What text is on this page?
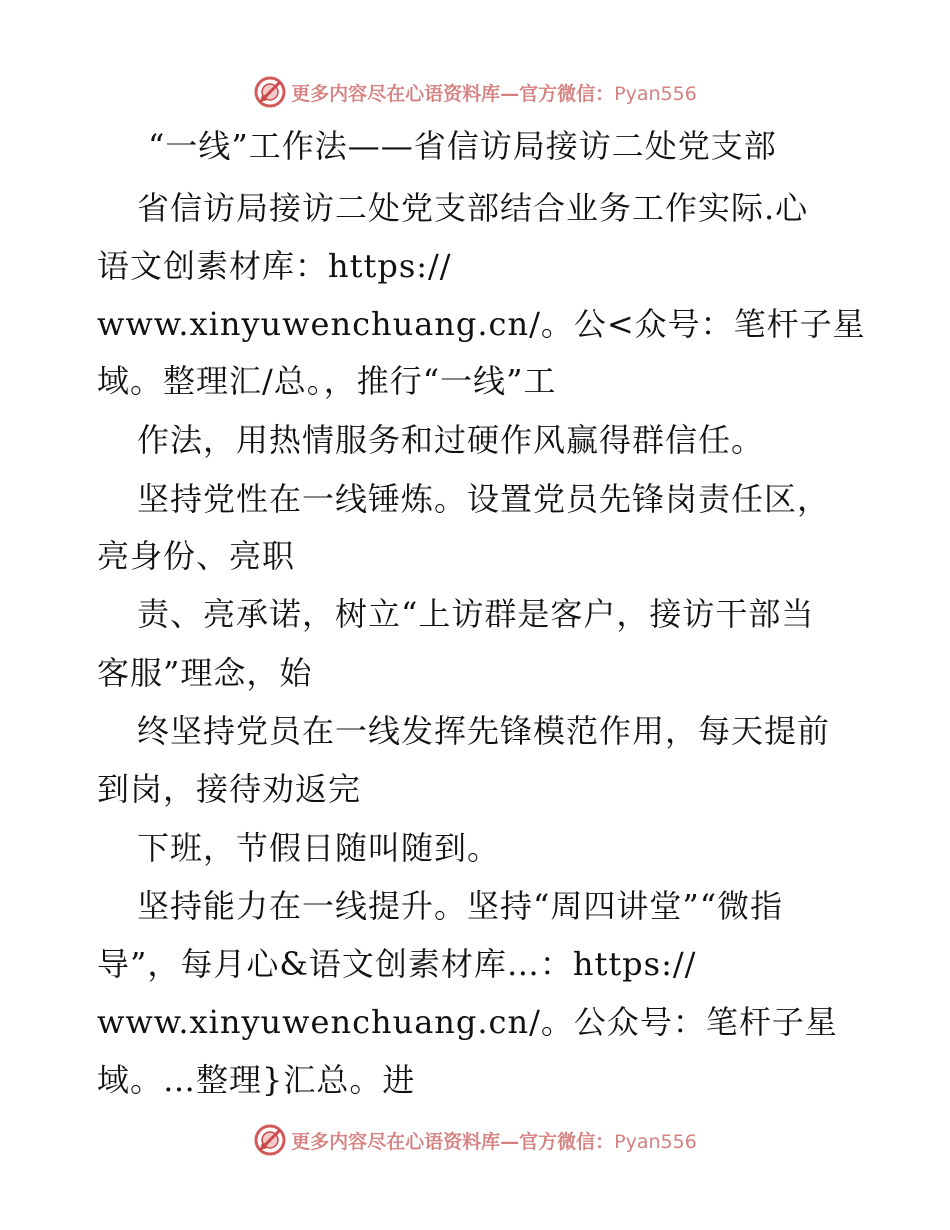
更多内容尽在心语资料库—官方微信：Pyan556
“一线”工作法——省信访局接访二处党支部
省信访局接访二处党支部结合业务工作实际.心
语文创素材库：https://
www.xinyuwenchuang.cn/。公<众号：笔杆子星
域。整理汇/总。，推行“一线”工
作法，用热情服务和过硬作风赢得群信任。
坚持党性在一线锤炼。设置党员先锋岗责任区，
亮身份、亮职
责、亮承诺，树立“上访群是客户，接访干部当
客服”理念，始
终坚持党员在一线发挥先锋模范作用，每天提前
到岗，接待劝返完
下班，节假日随叫随到。
坚持能力在一线提升。坚持“周四讲堂”“微指
导”，每月心&语文创素材库…：https://
www.xinyuwenchuang.cn/。公众号：笔杆子星
域。…整理}汇总。进
更多内容尽在心语资料库—官方微信：Pyan556
